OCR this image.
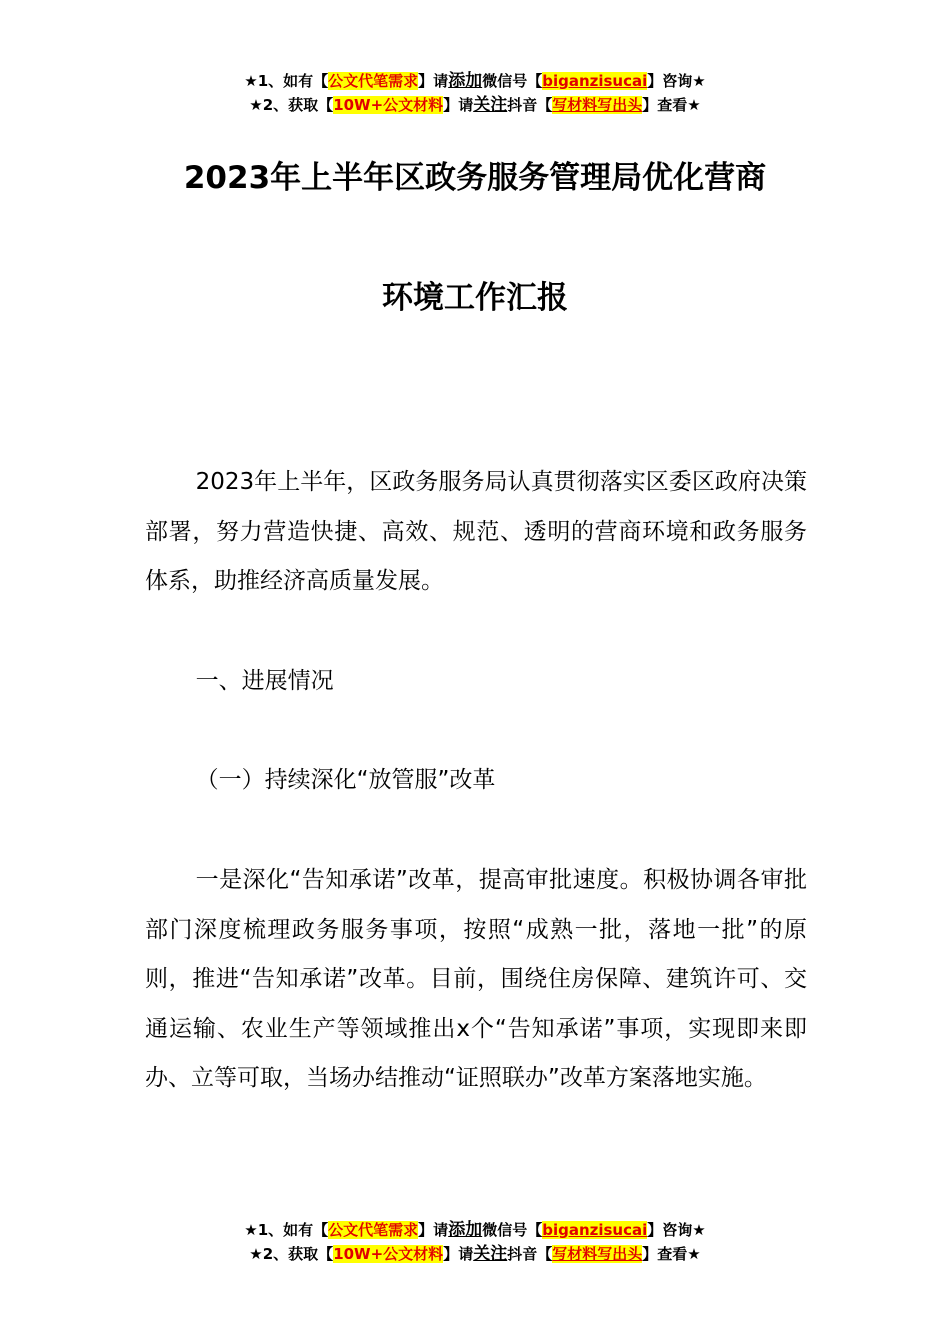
★1、如有【公文代笔需求】请添加微信号【biganzisucai】咨询★
★2、获取【10W+公文材料】请关注抖音【写材料写出头】查看★
2023年上半年区政务服务管理局优化营商
环境工作汇报

2023年上半年，区政务服务局认真贯彻落实区委区政府决策部署，努力营造快捷、高效、规范、透明的营商环境和政务服务体系，助推经济高质量发展。

一、进展情况

（一）持续深化“放管服”改革

一是深化“告知承诺”改革，提高审批速度。积极协调各审批部门深度梳理政务服务事项，按照“成熟一批，落地一批”的原则，推进“告知承诺”改革。目前，围绕住房保障、建筑许可、交通运输、农业生产等领域推出x个“告知承诺”事项，实现即来即办、立等可取，当场办结推动“证照联办”改革方案落地实施。

★1、如有【公文代笔需求】请添加微信号【biganzisucai】咨询★
★2、获取【10W+公文材料】请关注抖音【写材料写出头】查看★
